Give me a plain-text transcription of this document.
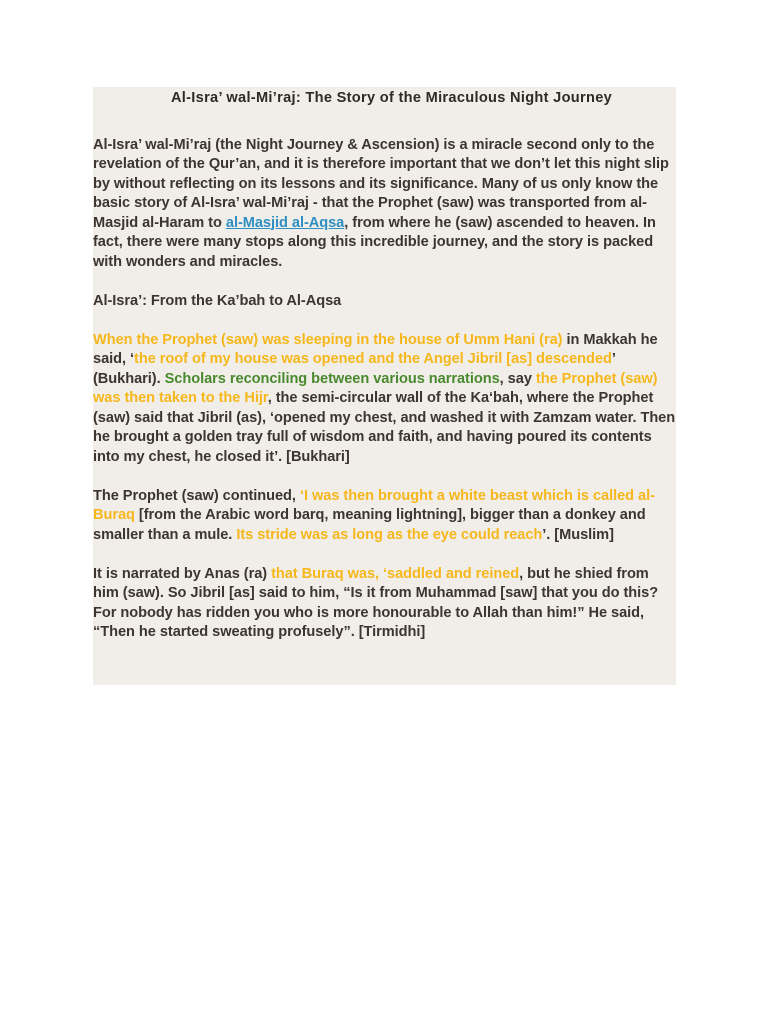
Al-Isra’ wal-Mi’raj: The Story of the Miraculous Night Journey

Al-Isra’ wal-Mi’raj (the Night Journey & Ascension) is a miracle second only to the revelation of the Qur’an, and it is therefore important that we don’t let this night slip by without reflecting on its lessons and its significance. Many of us only know the basic story of Al-Isra’ wal-Mi’raj - that the Prophet (saw) was transported from al-Masjid al-Haram to al-Masjid al-Aqsa, from where he (saw) ascended to heaven. In fact, there were many stops along this incredible journey, and the story is packed with wonders and miracles.

Al-Isra’: From the Ka’bah to Al-Aqsa

When the Prophet (saw) was sleeping in the house of Umm Hani (ra) in Makkah he said, ‘the roof of my house was opened and the Angel Jibril [as] descended’ (Bukhari). Scholars reconciling between various narrations, say the Prophet (saw) was then taken to the Hijr, the semi-circular wall of the Ka‘bah, where the Prophet (saw) said that Jibril (as), ‘opened my chest, and washed it with Zamzam water. Then he brought a golden tray full of wisdom and faith, and having poured its contents into my chest, he closed it’. [Bukhari]

The Prophet (saw) continued, ‘I was then brought a white beast which is called al-Buraq [from the Arabic word barq, meaning lightning], bigger than a donkey and smaller than a mule. Its stride was as long as the eye could reach’. [Muslim]

It is narrated by Anas (ra) that Buraq was, ‘saddled and reined, but he shied from him (saw). So Jibril [as] said to him, “Is it from Muhammad [saw] that you do this? For nobody has ridden you who is more honourable to Allah than him!” He said, “Then he started sweating profusely”. [Tirmidhi]
